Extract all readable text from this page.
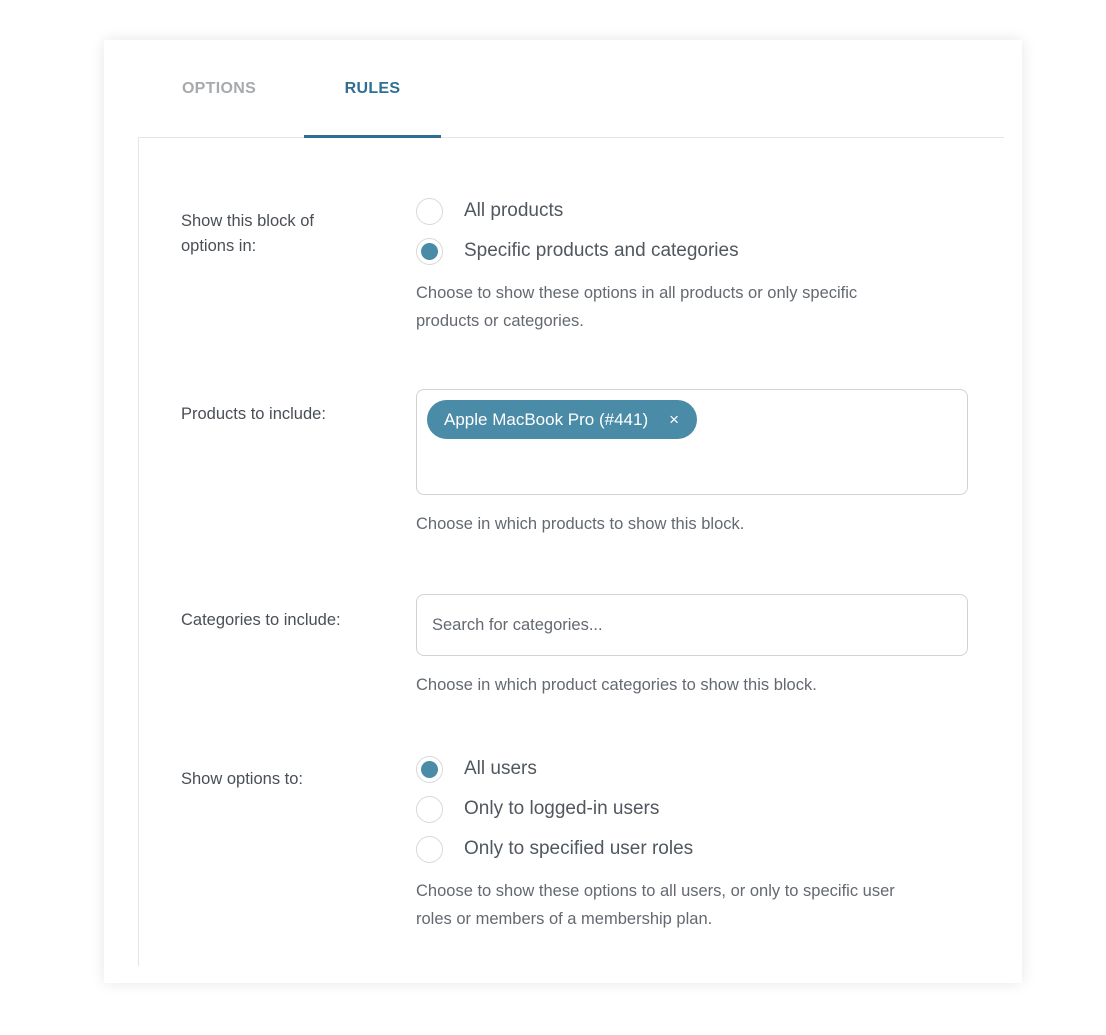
OPTIONS	RULES
Show this block of options in:
All products
Specific products and categories
Choose to show these options in all products or only specific products or categories.
Products to include:	Apple MacBook Pro (#441) ×
Choose in which products to show this block.
Categories to include:
Search for categories...
Choose in which product categories to show this block.
Show options to:	All users
Only to logged-in users
Only to specified user roles
Choose to show these options to all users, or only to specific user roles or members of a membership plan.
